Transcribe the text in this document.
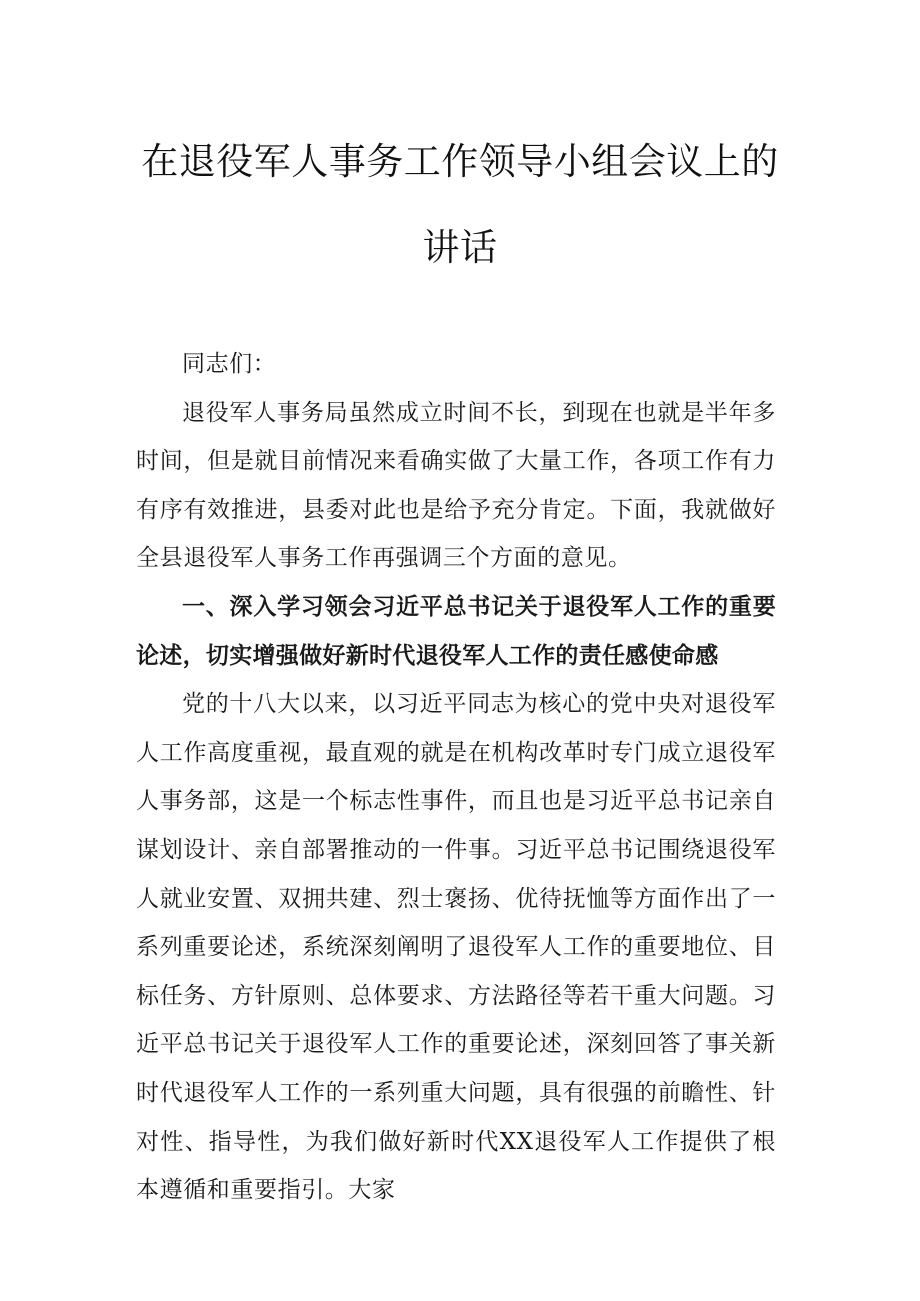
在退役军人事务工作领导小组会议上的
讲话

同志们：

退役军人事务局虽然成立时间不长，到现在也就是半年多时间，但是就目前情况来看确实做了大量工作，各项工作有力有序有效推进，县委对此也是给予充分肯定。下面，我就做好全县退役军人事务工作再强调三个方面的意见。

一、深入学习领会习近平总书记关于退役军人工作的重要论述，切实增强做好新时代退役军人工作的责任感使命感

党的十八大以来，以习近平同志为核心的党中央对退役军人工作高度重视，最直观的就是在机构改革时专门成立退役军人事务部，这是一个标志性事件，而且也是习近平总书记亲自谋划设计、亲自部署推动的一件事。习近平总书记围绕退役军人就业安置、双拥共建、烈士褒扬、优待抚恤等方面作出了一系列重要论述，系统深刻阐明了退役军人工作的重要地位、目标任务、方针原则、总体要求、方法路径等若干重大问题。习近平总书记关于退役军人工作的重要论述，深刻回答了事关新时代退役军人工作的一系列重大问题，具有很强的前瞻性、针对性、指导性，为我们做好新时代XX退役军人工作提供了根本遵循和重要指引。大家
